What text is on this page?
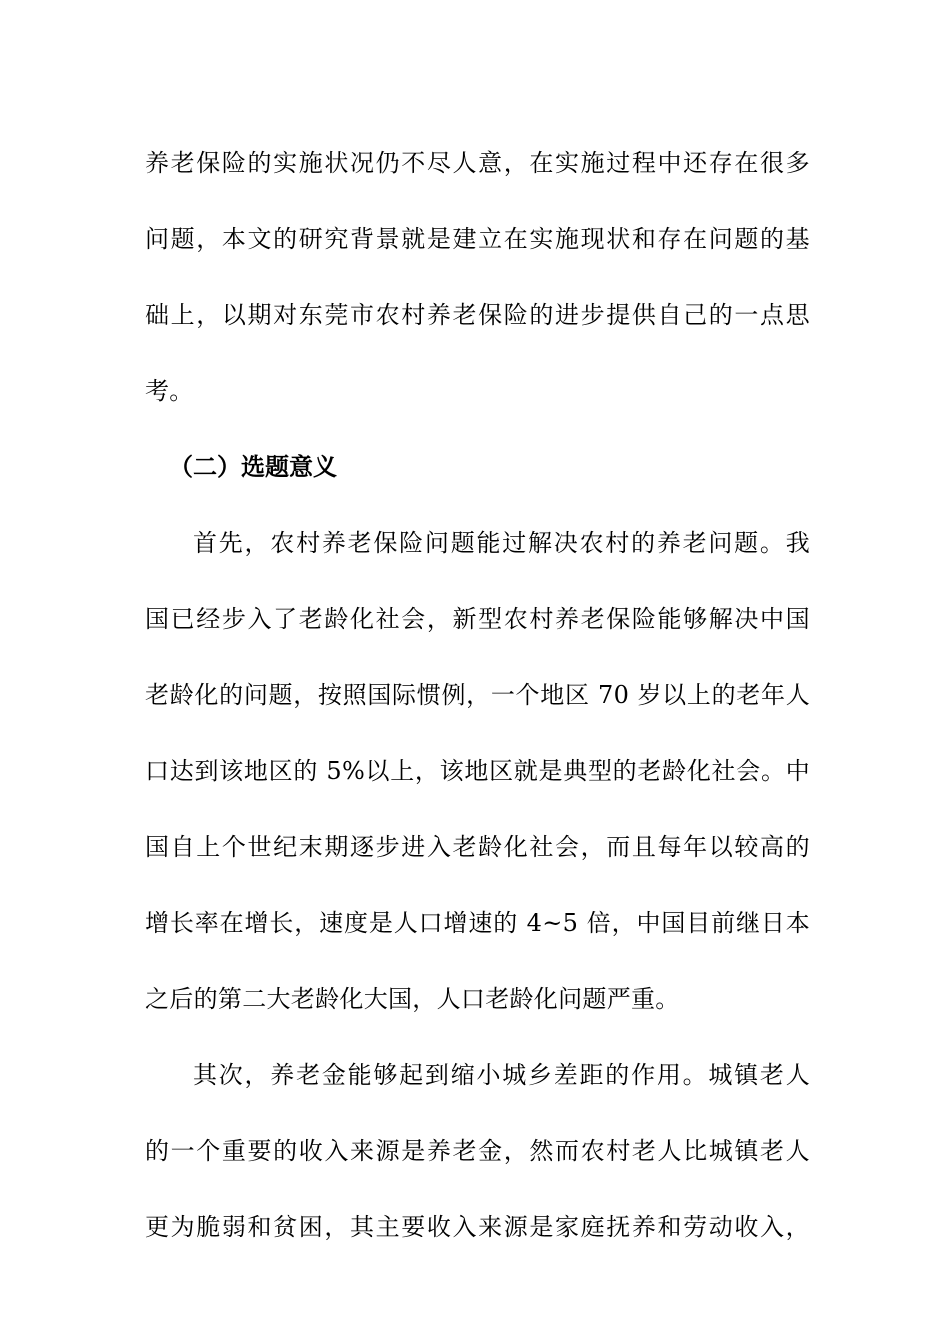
养老保险的实施状况仍不尽人意，在实施过程中还存在很多
问题，本文的研究背景就是建立在实施现状和存在问题的基
础上，以期对东莞市农村养老保险的进步提供自己的一点思
考。
（二）选题意义
首先，农村养老保险问题能过解决农村的养老问题。我
国已经步入了老龄化社会，新型农村养老保险能够解决中国
老龄化的问题，按照国际惯例，一个地区 70 岁以上的老年人
口达到该地区的 5%以上，该地区就是典型的老龄化社会。中
国自上个世纪末期逐步进入老龄化社会，而且每年以较高的
增长率在增长，速度是人口增速的 4~5 倍，中国目前继日本
之后的第二大老龄化大国，人口老龄化问题严重。
其次，养老金能够起到缩小城乡差距的作用。城镇老人
的一个重要的收入来源是养老金，然而农村老人比城镇老人
更为脆弱和贫困，其主要收入来源是家庭抚养和劳动收入，
